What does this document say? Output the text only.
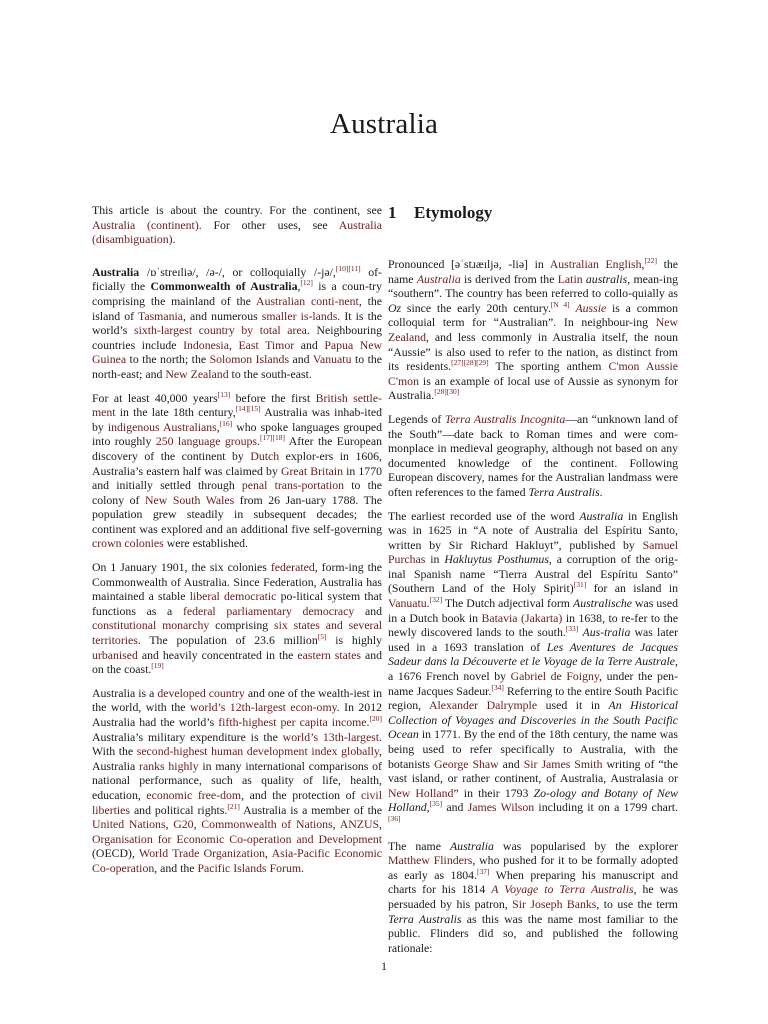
Australia

This article is about the country. For the continent, see Australia (continent). For other uses, see Australia (disambiguation).

Australia /ɒˈstreɪliə/, /ə-/, or colloquially /-jə/,[10][11] of-ficially the Commonwealth of Australia,[12] is a coun-try comprising the mainland of the Australian conti-nent, the island of Tasmania, and numerous smaller is-lands. It is the world’s sixth-largest country by total area. Neighbouring countries include Indonesia, East Timor and Papua New Guinea to the north; the Solomon Islands and Vanuatu to the north-east; and New Zealand to the south-east.

For at least 40,000 years[13] before the first British settle-ment in the late 18th century,[14][15] Australia was inhab-ited by indigenous Australians,[16] who spoke languages grouped into roughly 250 language groups.[17][18] After the European discovery of the continent by Dutch explor-ers in 1606, Australia’s eastern half was claimed by Great Britain in 1770 and initially settled through penal trans-portation to the colony of New South Wales from 26 Jan-uary 1788. The population grew steadily in subsequent decades; the continent was explored and an additional five self-governing crown colonies were established.

On 1 January 1901, the six colonies federated, form-ing the Commonwealth of Australia. Since Federation, Australia has maintained a stable liberal democratic po-litical system that functions as a federal parliamentary democracy and constitutional monarchy comprising six states and several territories. The population of 23.6 million[5] is highly urbanised and heavily concentrated in the eastern states and on the coast.[19]

Australia is a developed country and one of the wealth-iest in the world, with the world’s 12th-largest econ-omy. In 2012 Australia had the world’s fifth-highest per capita income.[20] Australia’s military expenditure is the world’s 13th-largest. With the second-highest human development index globally, Australia ranks highly in many international comparisons of national performance, such as quality of life, health, education, economic free-dom, and the protection of civil liberties and political rights.[21] Australia is a member of the United Nations, G20, Commonwealth of Nations, ANZUS, Organisation for Economic Co-operation and Development (OECD), World Trade Organization, Asia-Pacific Economic Co-operation, and the Pacific Islands Forum.

1 Etymology

Pronounced [əˈstɹæɪljə, -liə] in Australian English,[22] the name Australia is derived from the Latin australis, mean-ing “southern”. The country has been referred to collo-quially as Oz since the early 20th century.[N 4] Aussie is a common colloquial term for “Australian”. In neighbour-ing New Zealand, and less commonly in Australia itself, the noun “Aussie” is also used to refer to the nation, as distinct from its residents.[27][28][29] The sporting anthem C'mon Aussie C'mon is an example of local use of Aussie as synonym for Australia.[28][30]

Legends of Terra Australis Incognita—an “unknown land of the South”—date back to Roman times and were com-monplace in medieval geography, although not based on any documented knowledge of the continent. Following European discovery, names for the Australian landmass were often references to the famed Terra Australis.

The earliest recorded use of the word Australia in English was in 1625 in “A note of Australia del Espíritu Santo, written by Sir Richard Hakluyt”, published by Samuel Purchas in Hakluytus Posthumus, a corruption of the orig-inal Spanish name “Tierra Austral del Espíritu Santo” (Southern Land of the Holy Spirit)[31] for an island in Vanuatu.[32] The Dutch adjectival form Australische was used in a Dutch book in Batavia (Jakarta) in 1638, to re-fer to the newly discovered lands to the south.[33] Aus-tralia was later used in a 1693 translation of Les Aventures de Jacques Sadeur dans la Découverte et le Voyage de la Terre Australe, a 1676 French novel by Gabriel de Foigny, under the pen-name Jacques Sadeur.[34] Referring to the entire South Pacific region, Alexander Dalrymple used it in An Historical Collection of Voyages and Discoveries in the South Pacific Ocean in 1771. By the end of the 18th century, the name was being used to refer specifically to Australia, with the botanists George Shaw and Sir James Smith writing of “the vast island, or rather continent, of Australia, Australasia or New Holland” in their 1793 Zo-ology and Botany of New Holland,[35] and James Wilson including it on a 1799 chart.[36]

The name Australia was popularised by the explorer Matthew Flinders, who pushed for it to be formally adopted as early as 1804.[37] When preparing his manuscript and charts for his 1814 A Voyage to Terra Australis, he was persuaded by his patron, Sir Joseph Banks, to use the term Terra Australis as this was the name most familiar to the public. Flinders did so, and published the following rationale:

1
